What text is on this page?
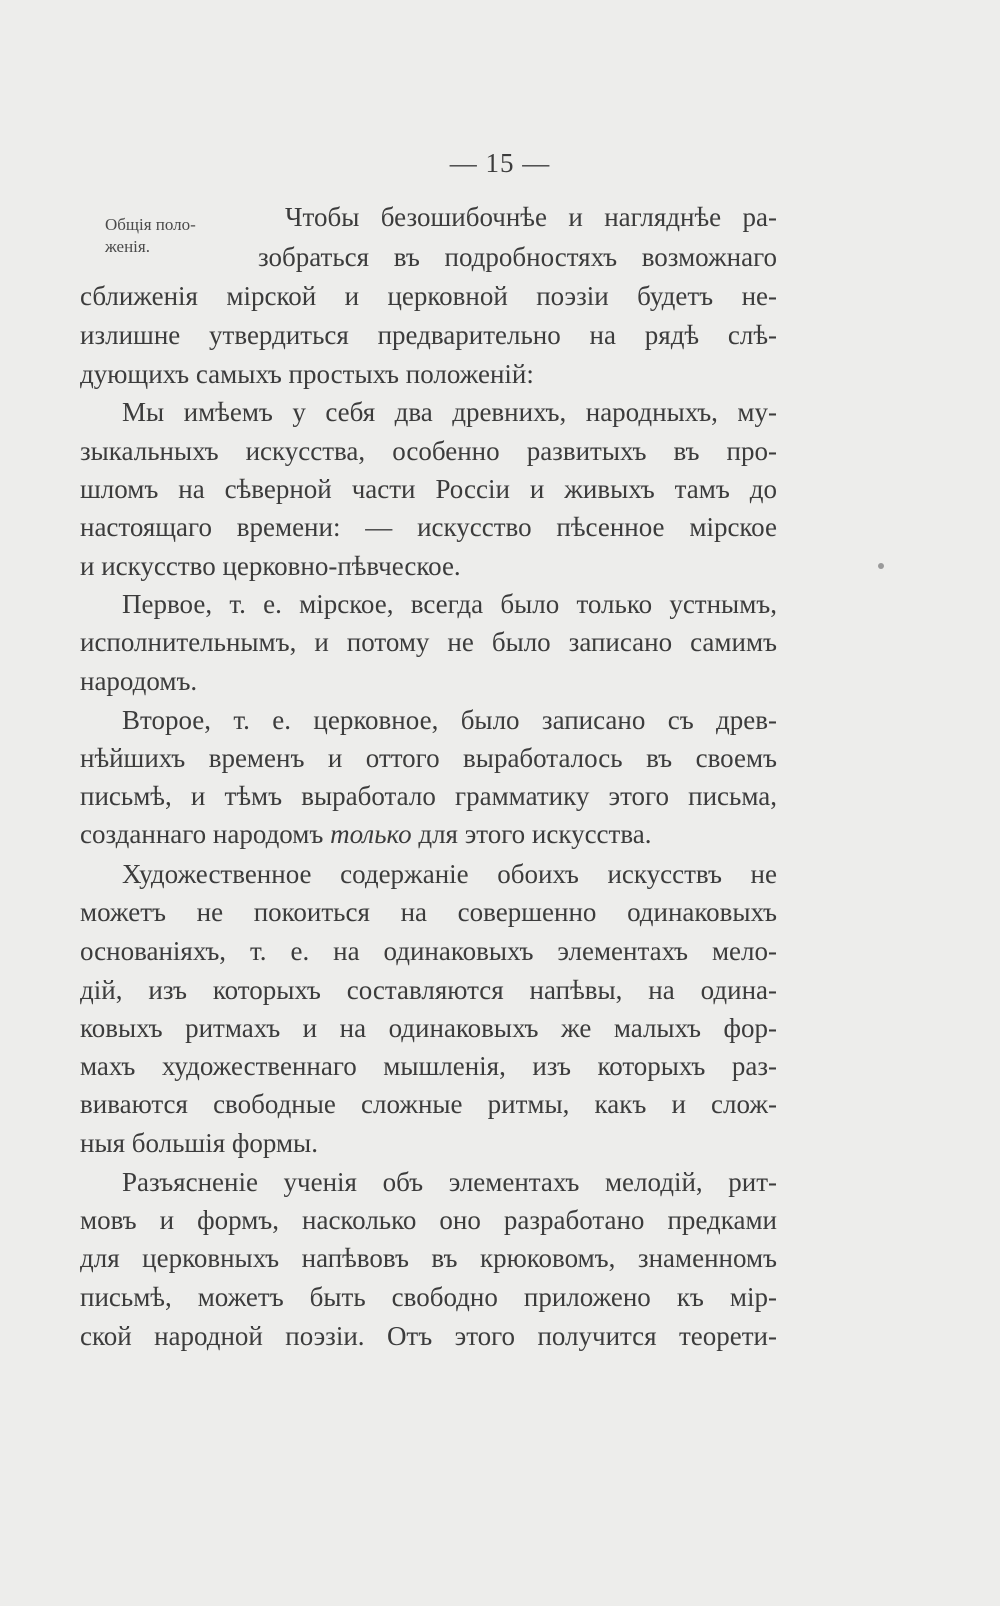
— 15 —
Общія поло-
женія.
Чтобы безошибочнѣе и нагляднѣе ра-
зобраться въ подробностяхъ возможнаго
сближенія мірской и церковной поэзіи будетъ не-
излишне утвердиться предварительно на рядѣ слѣ-
дующихъ самыхъ простыхъ положеній:
Мы имѣемъ у себя два древнихъ, народныхъ, му-
зыкальныхъ искусства, особенно развитыхъ въ про-
шломъ на сѣверной части Россіи и живыхъ тамъ до
настоящаго времени: — искусство пѣсенное мірское
и искусство церковно-пѣвческое.
Первое, т. е. мірское, всегда было только устнымъ,
исполнительнымъ, и потому не было записано самимъ
народомъ.
Второе, т. е. церковное, было записано съ древ-
нѣйшихъ временъ и оттого выработалось въ своемъ
письмѣ, и тѣмъ выработало грамматику этого письма,
созданнаго народомъ только для этого искусства.
Художественное содержаніе обоихъ искусствъ не
можетъ не покоиться на совершенно одинаковыхъ
основаніяхъ, т. е. на одинаковыхъ элементахъ мело-
дій, изъ которыхъ составляются напѣвы, на одина-
ковыхъ ритмахъ и на одинаковыхъ же малыхъ фор-
махъ художественнаго мышленія, изъ которыхъ раз-
виваются свободные сложные ритмы, какъ и слож-
ныя большія формы.
Разъясненіе ученія объ элементахъ мелодій, рит-
мовъ и формъ, насколько оно разработано предками
для церковныхъ напѣвовъ въ крюковомъ, знаменномъ
письмѣ, можетъ быть свободно приложено къ мір-
ской народной поэзіи. Отъ этого получится теорети-
